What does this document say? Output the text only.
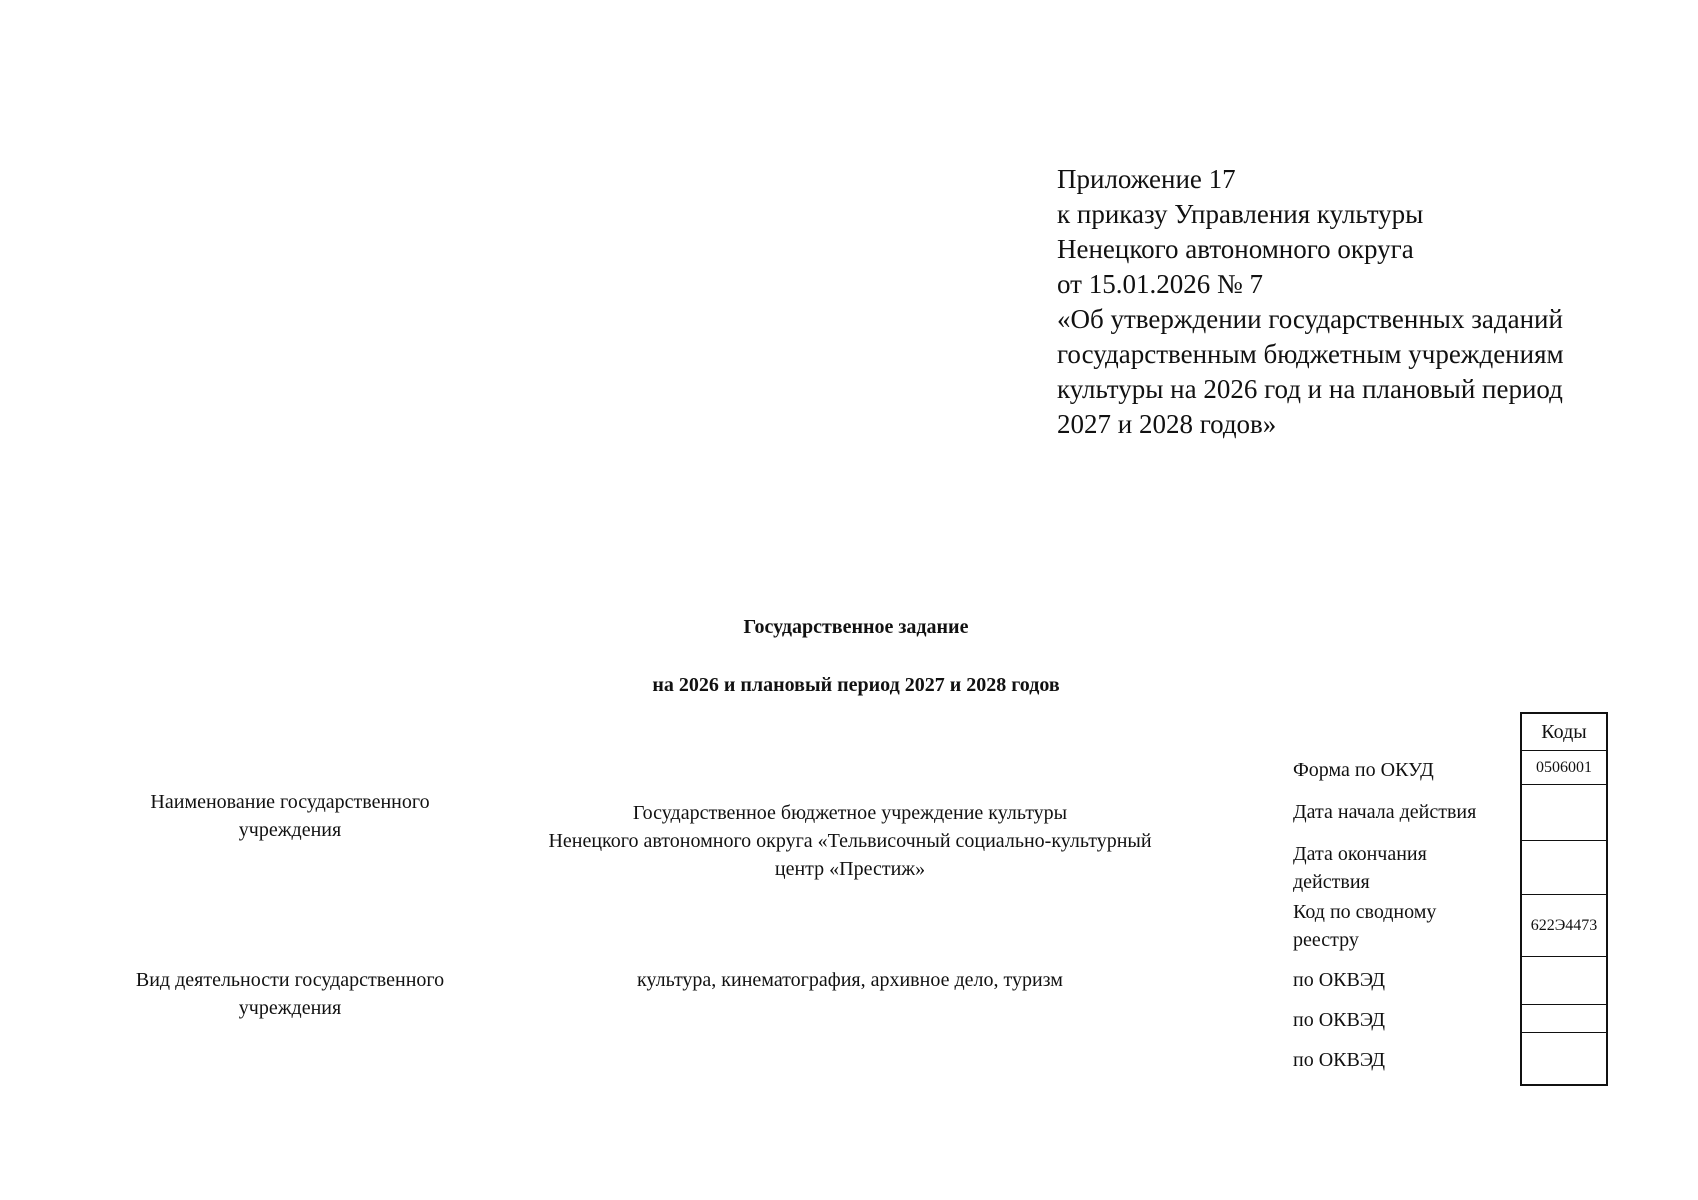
Приложение 17
к приказу Управления культуры
Ненецкого автономного округа
от 15.01.2026 № 7
«Об утверждении государственных заданий
государственным бюджетным учреждениям
культуры на 2026 год и на плановый период
2027 и 2028 годов»
Государственное задание
на 2026 и плановый период 2027 и 2028 годов
Наименование государственного
учреждения
Государственное бюджетное учреждение культуры
Ненецкого автономного округа «Тельвисочный социально-культурный
центр «Престиж»
Вид деятельности государственного
учреждения
культура, кинематография, архивное дело, туризм
Форма по ОКУД
Дата начала действия
Дата окончания
действия
Код по сводному
реестру
по ОКВЭД
по ОКВЭД
по ОКВЭД
Коды
0506001
622Э4473
